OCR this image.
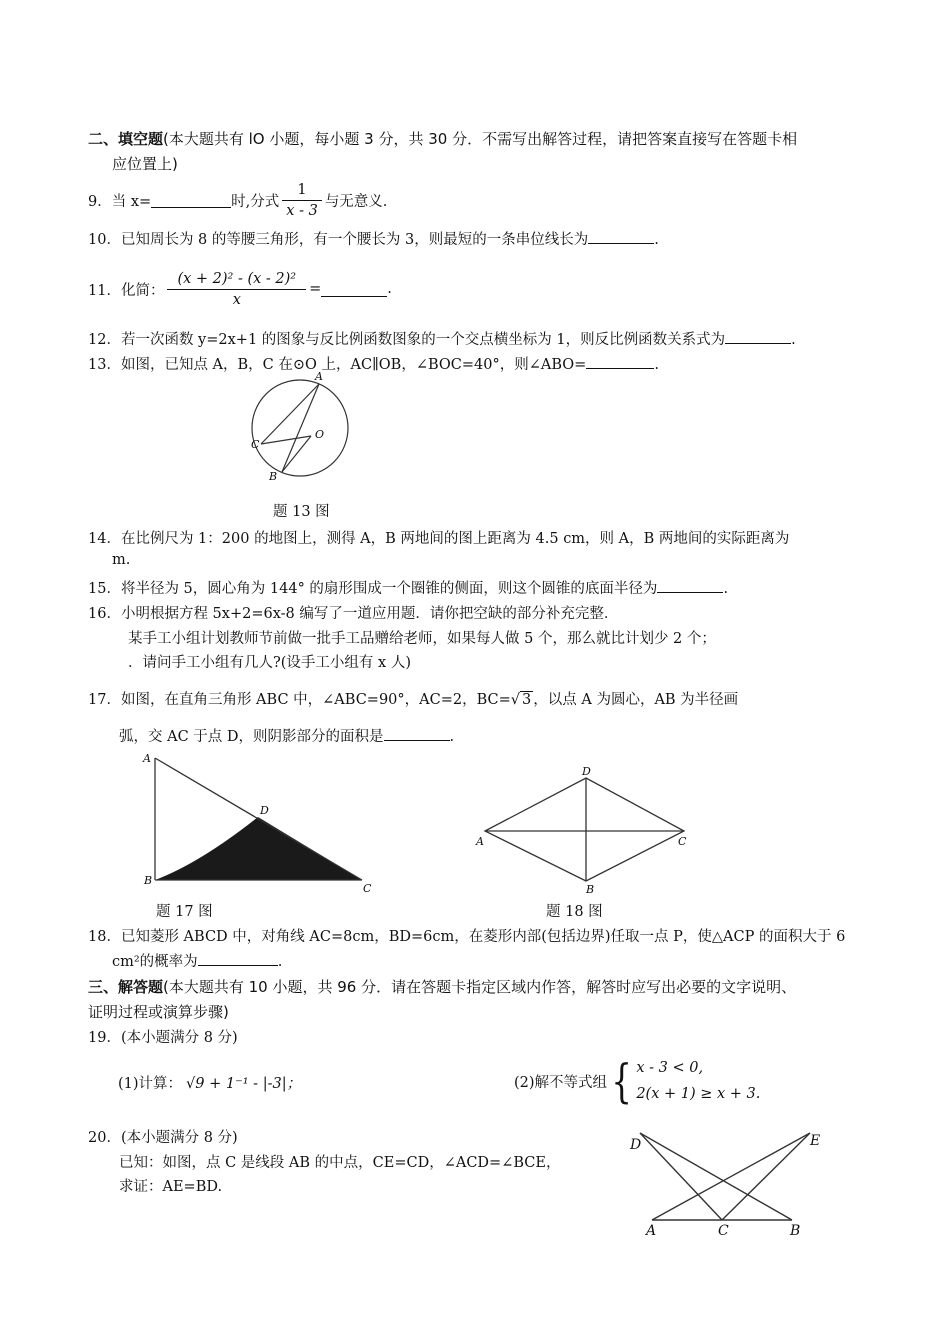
二、填空题(本大题共有 lO 小题，每小题 3 分，共 30 分．不需写出解答过程，请把答案直接写在答题卡相
应位置上)
9．当 x=	时,分式 $\frac{1}{x - 3}$ 与无意义.
10．已知周长为 8 的等腰三角形，有一个腰长为 3，则最短的一条串位线长为	.
11．化简： $\frac{\text{(x + 2)² - (x - 2)²}}{x}$ =	.
12．若一次函数 y=2x+1 的图象与反比例函数图象的一个交点横坐标为 1，则反比例函数关系式为	.
13．如图，已知点 A，B，C 在⊙O 上，AC∥OB，∠BOC=40°，则∠ABO=	.
A
C
O
B
题 13 图
14．在比例尺为 1：200 的地图上，测得 A，B 两地间的图上距离为 4.5 cm，则 A，B 两地间的实际距离为
m.
15．将半径为 5，圆心角为 144° 的扇形围成一个圈锥的侧面，则这个圆锥的底面半径为	.
16．小明根据方程 5x+2=6x-8 编写了一道应用题．请你把空缺的部分补充完整．
某手工小组计划教师节前做一批手工品赠给老师，如果每人做 5 个，那么就比计划少 2 个；
．请问手工小组有几人?(设手工小组有 x 人)
17．如图，在直角三角形 ABC 中，∠ABC=90°，AC=2，BC=√ 3 ，以点 A 为圆心，AB 为半径画
弧，交 AC 于点 D，则阴影部分的面积是	.
A
B
C
D
题 17 图
D
A	C
B
题 18 图
18．已知菱形 ABCD 中，对角线 AC=8cm，BD=6cm，在菱形内部(包括边界)任取一点 P，使△ACP 的面积大于 6
cm²的概率为	.
三、解答题(本大题共有 10 小题，共 96 分．请在答题卡指定区域内作答，解答时应写出必要的文字说明、
证明过程或演算步骤)
19．(本小题满分 8 分)
(1)计算： √9 + 1⁻¹ - |-3|；	(2)解不等式组 { x - 3 < 0,
2(x + 1) ≥ x + 3.
20．(本小题满分 8 分)
已知：如图，点 C 是线段 AB 的中点，CE=CD，∠ACD=∠BCE，
求证：AE=BD.
D	E
A	C	B
